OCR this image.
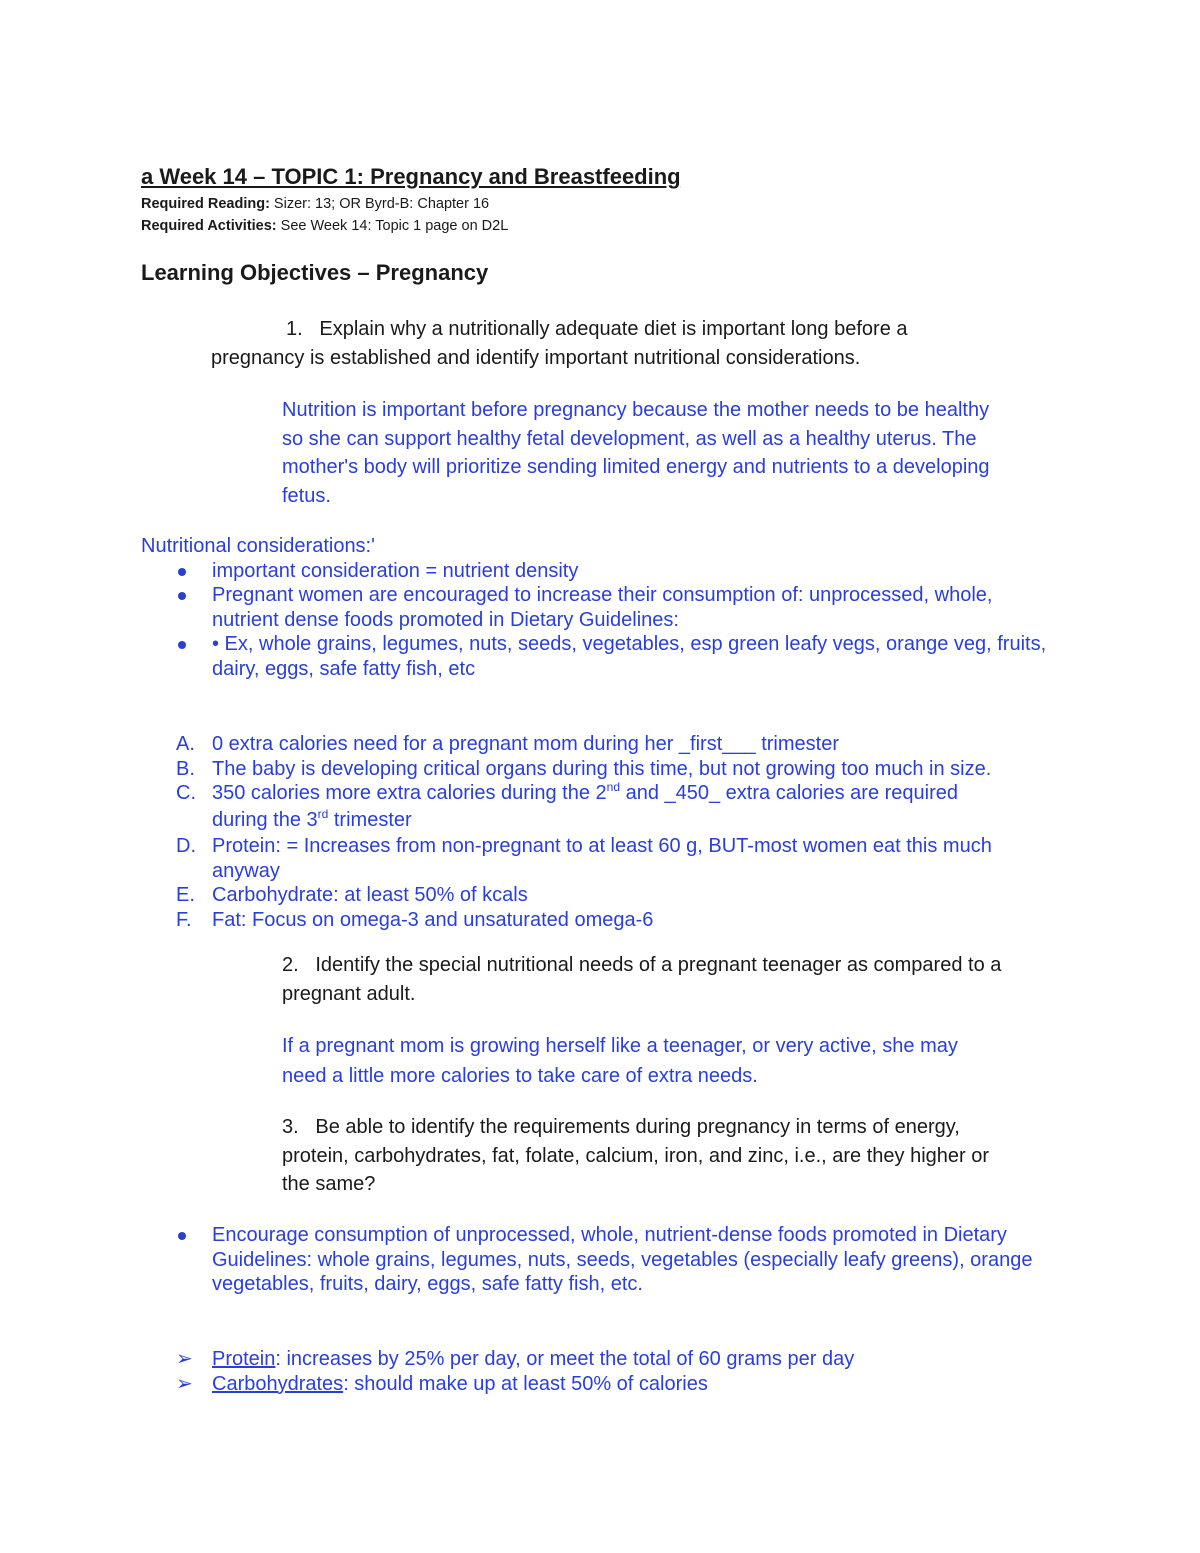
a Week 14 – TOPIC 1: Pregnancy and Breastfeeding
Required Reading: Sizer: 13; OR Byrd-B: Chapter 16
Required Activities: See Week 14: Topic 1 page on D2L
Learning Objectives – Pregnancy
1. Explain why a nutritionally adequate diet is important long before a
pregnancy is established and identify important nutritional considerations.
Nutrition is important before pregnancy because the mother needs to be healthy
so she can support healthy fetal development, as well as a healthy uterus. The
mother's body will prioritize sending limited energy and nutrients to a developing
fetus.
Nutritional considerations:'
important consideration = nutrient density
Pregnant women are encouraged to increase their consumption of: unprocessed, whole,
nutrient dense foods promoted in Dietary Guidelines:
• Ex, whole grains, legumes, nuts, seeds, vegetables, esp green leafy vegs, orange veg, fruits,
dairy, eggs, safe fatty fish, etc
A. 0 extra calories need for a pregnant mom during her _first___ trimester
B. The baby is developing critical organs during this time, but not growing too much in size.
C. 350 calories more extra calories during the 2nd and _450_ extra calories are required
during the 3rd trimester
D. Protein: = Increases from non-pregnant to at least 60 g, BUT-most women eat this much
anyway
E. Carbohydrate: at least 50% of kcals
F. Fat: Focus on omega-3 and unsaturated omega-6
2. Identify the special nutritional needs of a pregnant teenager as compared to a
pregnant adult.
If a pregnant mom is growing herself like a teenager, or very active, she may
need a little more calories to take care of extra needs.
3. Be able to identify the requirements during pregnancy in terms of energy,
protein, carbohydrates, fat, folate, calcium, iron, and zinc, i.e., are they higher or
the same?
Encourage consumption of unprocessed, whole, nutrient-dense foods promoted in Dietary
Guidelines: whole grains, legumes, nuts, seeds, vegetables (especially leafy greens), orange
vegetables, fruits, dairy, eggs, safe fatty fish, etc.
➢ Protein: increases by 25% per day, or meet the total of 60 grams per day
➢ Carbohydrates: should make up at least 50% of calories
